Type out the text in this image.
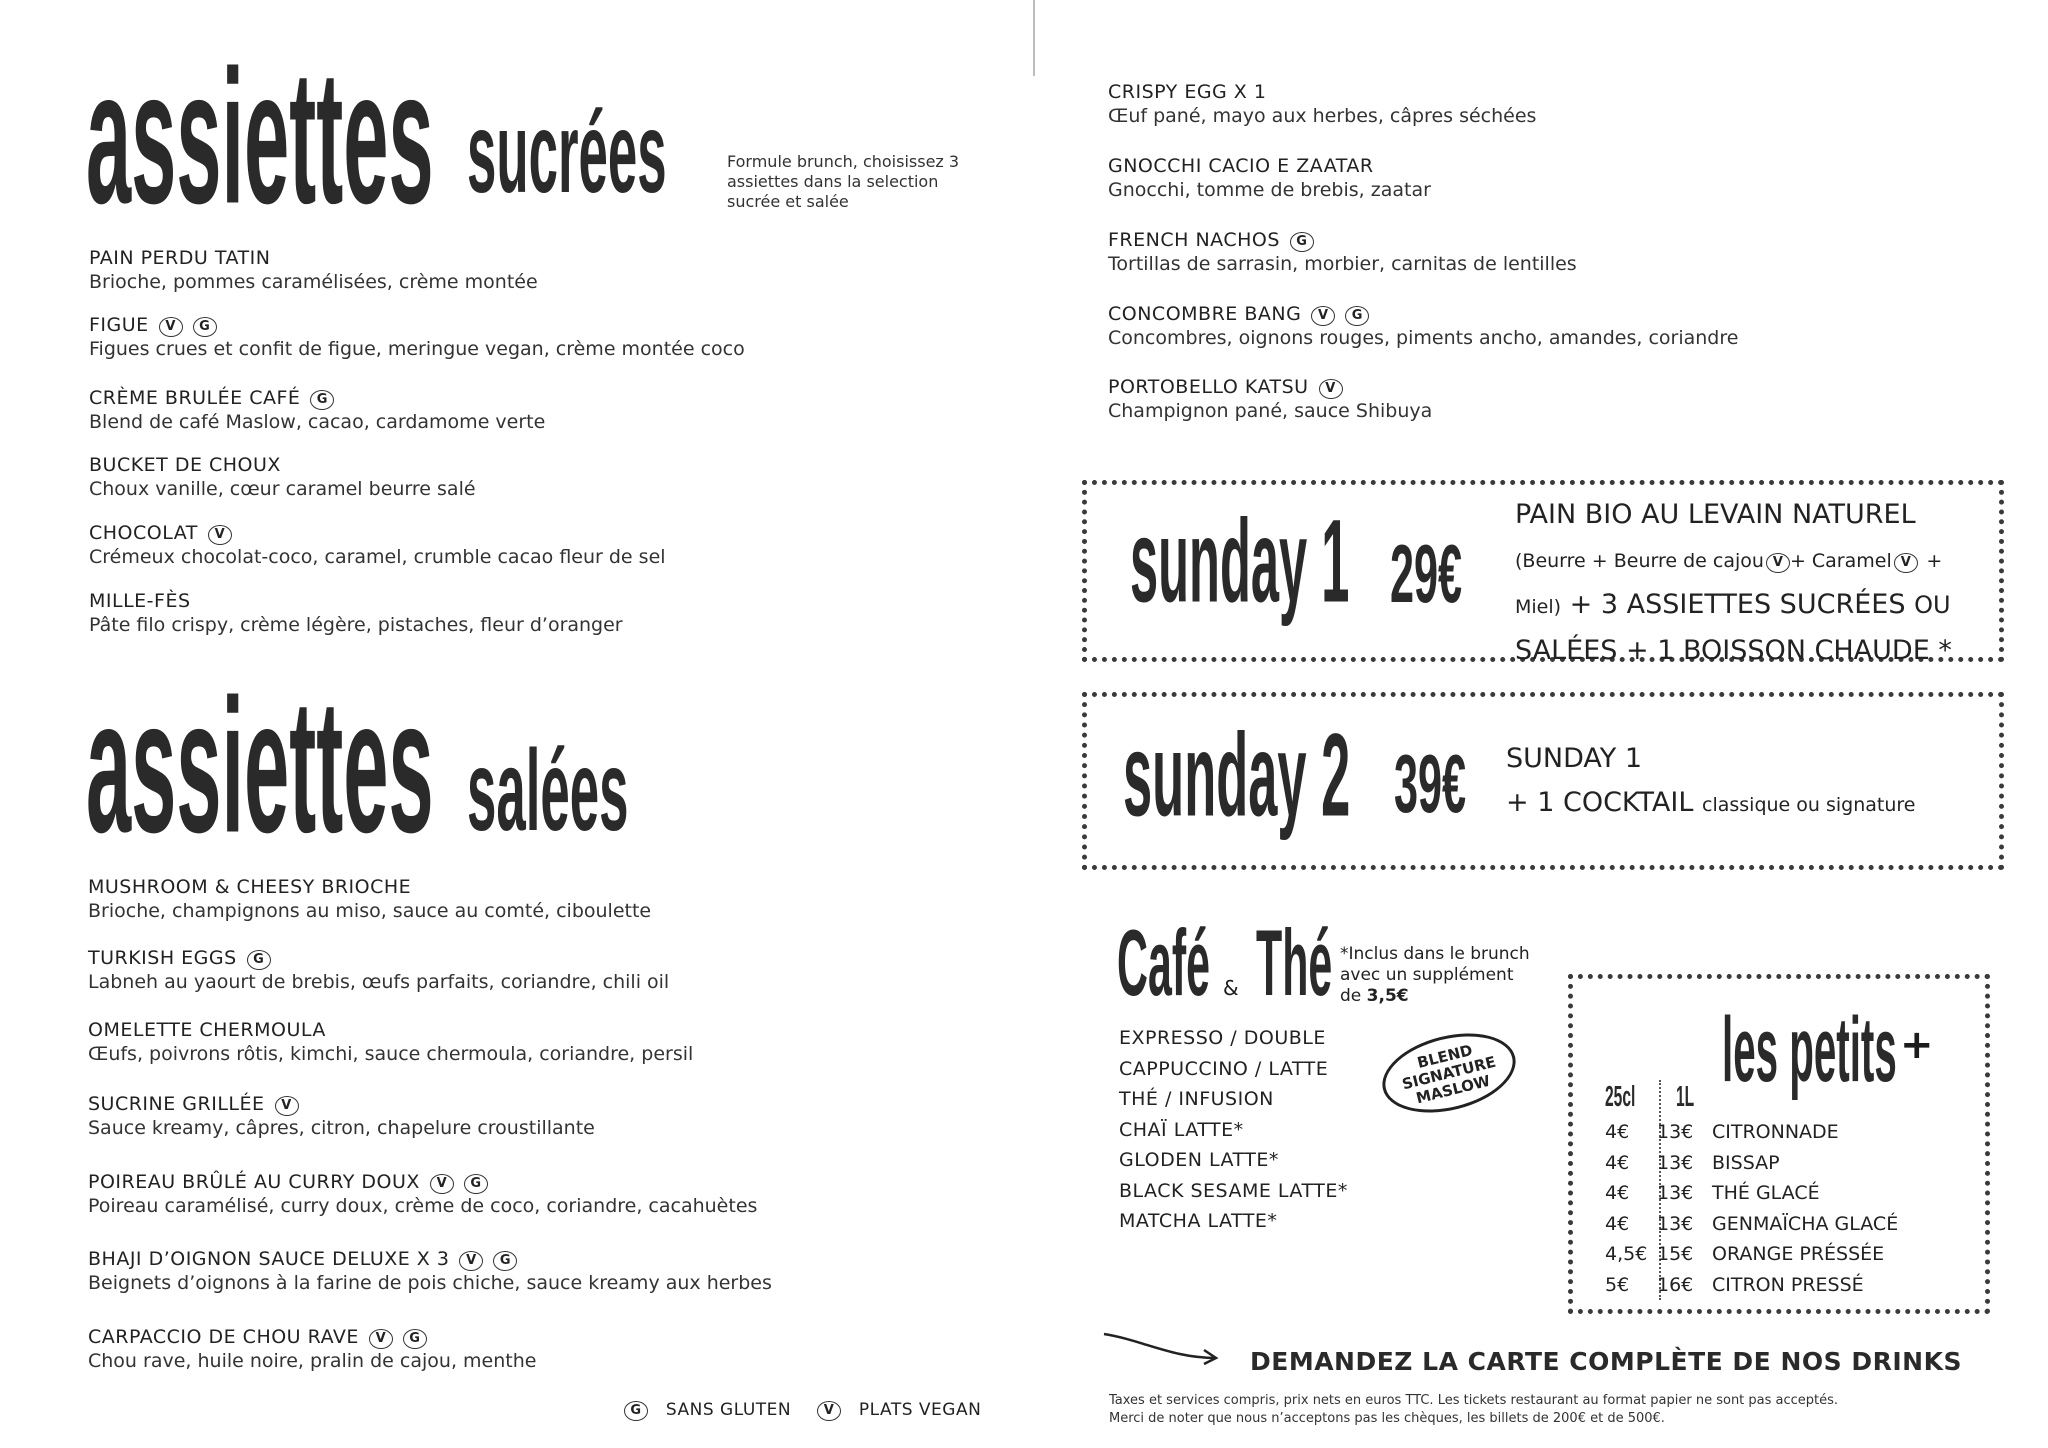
assiettes sucrées	Formule brunch, choisissez 3 assiettes dans la selection sucrée et salée
PAIN PERDU TATIN
Brioche, pommes caramélisées, crème montée
FIGUE V G
Figues crues et confit de figue, meringue vegan, crème montée coco
CRÈME BRULÉE CAFÉ G
Blend de café Maslow, cacao, cardamome verte
BUCKET DE CHOUX
Choux vanille, cœur caramel beurre salé
CHOCOLAT V
Crémeux chocolat-coco, caramel, crumble cacao fleur de sel
MILLE-FÈS
Pâte filo crispy, crème légère, pistaches, fleur d’oranger
assiettes salées
MUSHROOM & CHEESY BRIOCHE
Brioche, champignons au miso, sauce au comté, ciboulette
TURKISH EGGS G
Labneh au yaourt de brebis, œufs parfaits, coriandre, chili oil
OMELETTE CHERMOULA
Œufs, poivrons rôtis, kimchi, sauce chermoula, coriandre, persil
SUCRINE GRILLÉE V
Sauce kreamy, câpres, citron, chapelure croustillante
POIREAU BRÛLÉ AU CURRY DOUX V G
Poireau caramélisé, curry doux, crème de coco, coriandre, cacahuètes
BHAJI D’OIGNON SAUCE DELUXE X 3 V G
Beignets d’oignons à la farine de pois chiche, sauce kreamy aux herbes
CARPACCIO DE CHOU RAVE V G
Chou rave, huile noire, pralin de cajou, menthe
G SANS GLUTEN	V PLATS VEGAN
CRISPY EGG X 1
Œuf pané, mayo aux herbes, câpres séchées
GNOCCHI CACIO E ZAATAR
Gnocchi, tomme de brebis, zaatar
FRENCH NACHOS G
Tortillas de sarrasin, morbier, carnitas de lentilles
CONCOMBRE BANG V G
Concombres, oignons rouges, piments ancho, amandes, coriandre
PORTOBELLO KATSU V
Champignon pané, sauce Shibuya
sunday 1 29€
PAIN BIO AU LEVAIN NATUREL
(Beurre + Beurre de cajou V + Caramel V +
Miel) + 3 ASSIETTES SUCRÉES OU
SALÉES + 1 BOISSON CHAUDE *
sunday 2 39€	SUNDAY 1
+ 1 COCKTAIL classique ou signature
Café & Thé *Inclus dans le brunch avec un supplément de 3,5€
BLEND SIGNATURE MASLOW
EXPRESSO / DOUBLE
CAPPUCCINO / LATTE
THÉ / INFUSION
CHAÏ LATTE*
GLODEN LATTE*
BLACK SESAME LATTE*
MATCHA LATTE*
les petits +
25cl	1L
4€	13€ CITRONNADE
4€	13€ BISSAP
4€	13€ THÉ GLACÉ
4€	13€ GENMAÏCHA GLACÉ
4,5€ 15€ ORANGE PRÉSSÉE
5€	16€ CITRON PRESSÉ
DEMANDEZ LA CARTE COMPLÈTE DE NOS DRINKS
Taxes et services compris, prix nets en euros TTC. Les tickets restaurant au format papier ne sont pas acceptés.
Merci de noter que nous n’acceptons pas les chèques, les billets de 200€ et de 500€.
